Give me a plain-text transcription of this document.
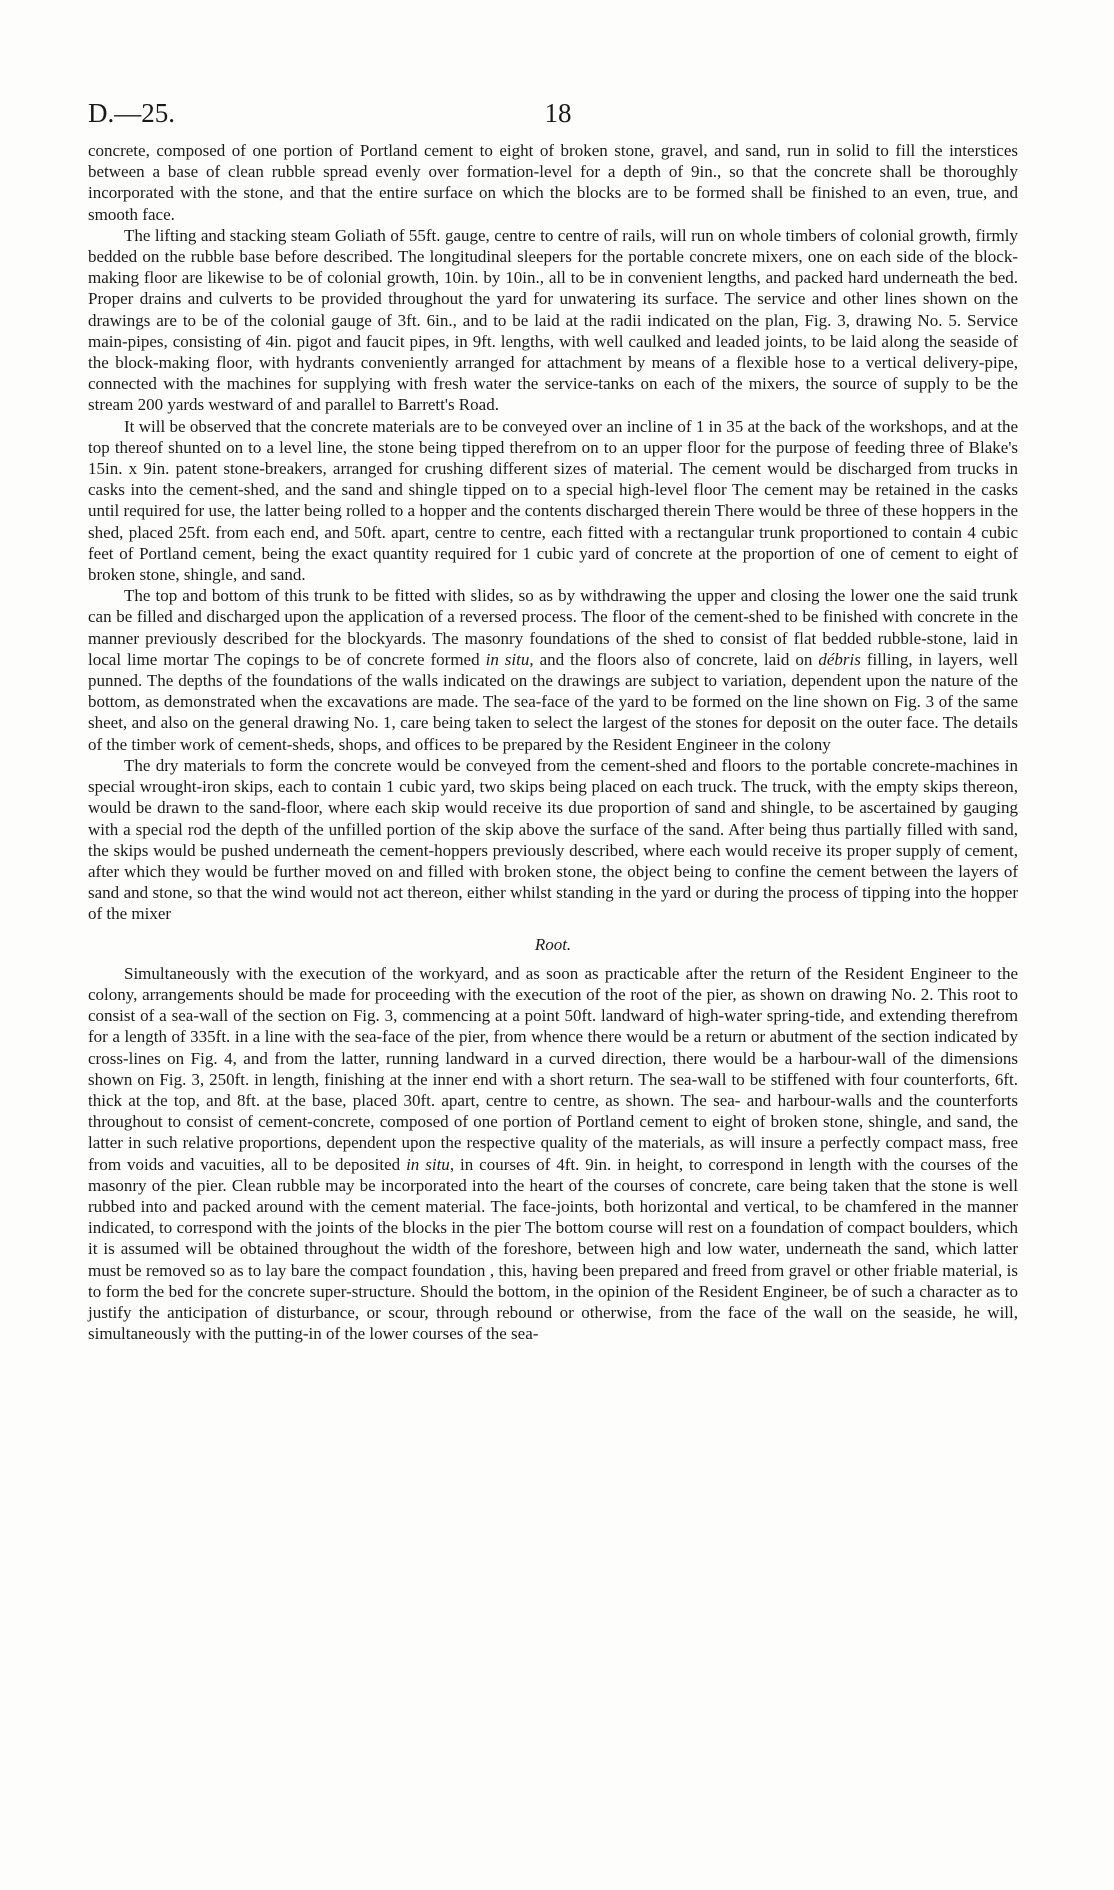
D.—25.	18

concrete, composed of one portion of Portland cement to eight of broken stone, gravel, and sand, run in solid to fill the interstices between a base of clean rubble spread evenly over formation-level for a depth of 9in., so that the concrete shall be thoroughly incorporated with the stone, and that the entire surface on which the blocks are to be formed shall be finished to an even, true, and smooth face.

The lifting and stacking steam Goliath of 55ft. gauge, centre to centre of rails, will run on whole timbers of colonial growth, firmly bedded on the rubble base before described. The longitudinal sleepers for the portable concrete mixers, one on each side of the block-making floor are likewise to be of colonial growth, 10in. by 10in., all to be in convenient lengths, and packed hard underneath the bed. Proper drains and culverts to be provided throughout the yard for unwatering its surface. The service and other lines shown on the drawings are to be of the colonial gauge of 3ft. 6in., and to be laid at the radii indicated on the plan, Fig. 3, drawing No. 5. Service main-pipes, consisting of 4in. pigot and faucit pipes, in 9ft. lengths, with well caulked and leaded joints, to be laid along the seaside of the block-making floor, with hydrants conveniently arranged for attachment by means of a flexible hose to a vertical delivery-pipe, connected with the machines for supplying with fresh water the service-tanks on each of the mixers, the source of supply to be the stream 200 yards westward of and parallel to Barrett's Road.

It will be observed that the concrete materials are to be conveyed over an incline of 1 in 35 at the back of the workshops, and at the top thereof shunted on to a level line, the stone being tipped therefrom on to an upper floor for the purpose of feeding three of Blake's 15in. x 9in. patent stone-breakers, arranged for crushing different sizes of material. The cement would be discharged from trucks in casks into the cement-shed, and the sand and shingle tipped on to a special high-level floor The cement may be retained in the casks until required for use, the latter being rolled to a hopper and the contents discharged therein There would be three of these hoppers in the shed, placed 25ft. from each end, and 50ft. apart, centre to centre, each fitted with a rectangular trunk proportioned to contain 4 cubic feet of Portland cement, being the exact quantity required for 1 cubic yard of concrete at the proportion of one of cement to eight of broken stone, shingle, and sand.

The top and bottom of this trunk to be fitted with slides, so as by withdrawing the upper and closing the lower one the said trunk can be filled and discharged upon the application of a reversed process. The floor of the cement-shed to be finished with concrete in the manner previously described for the blockyards. The masonry foundations of the shed to consist of flat bedded rubble-stone, laid in local lime mortar The copings to be of concrete formed in situ, and the floors also of concrete, laid on débris filling, in layers, well punned. The depths of the foundations of the walls indicated on the drawings are subject to variation, dependent upon the nature of the bottom, as demonstrated when the excavations are made. The sea-face of the yard to be formed on the line shown on Fig. 3 of the same sheet, and also on the general drawing No. 1, care being taken to select the largest of the stones for deposit on the outer face. The details of the timber work of cement-sheds, shops, and offices to be prepared by the Resident Engineer in the colony

The dry materials to form the concrete would be conveyed from the cement-shed and floors to the portable concrete-machines in special wrought-iron skips, each to contain 1 cubic yard, two skips being placed on each truck. The truck, with the empty skips thereon, would be drawn to the sand-floor, where each skip would receive its due proportion of sand and shingle, to be ascertained by gauging with a special rod the depth of the unfilled portion of the skip above the surface of the sand. After being thus partially filled with sand, the skips would be pushed underneath the cement-hoppers previously described, where each would receive its proper supply of cement, after which they would be further moved on and filled with broken stone, the object being to confine the cement between the layers of sand and stone, so that the wind would not act thereon, either whilst standing in the yard or during the process of tipping into the hopper of the mixer

Root.

Simultaneously with the execution of the workyard, and as soon as practicable after the return of the Resident Engineer to the colony, arrangements should be made for proceeding with the execution of the root of the pier, as shown on drawing No. 2. This root to consist of a sea-wall of the section on Fig. 3, commencing at a point 50ft. landward of high-water spring-tide, and extending therefrom for a length of 335ft. in a line with the sea-face of the pier, from whence there would be a return or abutment of the section indicated by cross-lines on Fig. 4, and from the latter, running landward in a curved direction, there would be a harbour-wall of the dimensions shown on Fig. 3, 250ft. in length, finishing at the inner end with a short return. The sea-wall to be stiffened with four counterforts, 6ft. thick at the top, and 8ft. at the base, placed 30ft. apart, centre to centre, as shown. The sea- and harbour-walls and the counterforts throughout to consist of cement-concrete, composed of one portion of Portland cement to eight of broken stone, shingle, and sand, the latter in such relative proportions, dependent upon the respective quality of the materials, as will insure a perfectly compact mass, free from voids and vacuities, all to be deposited in situ, in courses of 4ft. 9in. in height, to correspond in length with the courses of the masonry of the pier. Clean rubble may be incorporated into the heart of the courses of concrete, care being taken that the stone is well rubbed into and packed around with the cement material. The face-joints, both horizontal and vertical, to be chamfered in the manner indicated, to correspond with the joints of the blocks in the pier The bottom course will rest on a foundation of compact boulders, which it is assumed will be obtained throughout the width of the foreshore, between high and low water, underneath the sand, which latter must be removed so as to lay bare the compact foundation , this, having been prepared and freed from gravel or other friable material, is to form the bed for the concrete super-structure. Should the bottom, in the opinion of the Resident Engineer, be of such a character as to justify the anticipation of disturbance, or scour, through rebound or otherwise, from the face of the wall on the seaside, he will, simultaneously with the putting-in of the lower courses of the sea-
